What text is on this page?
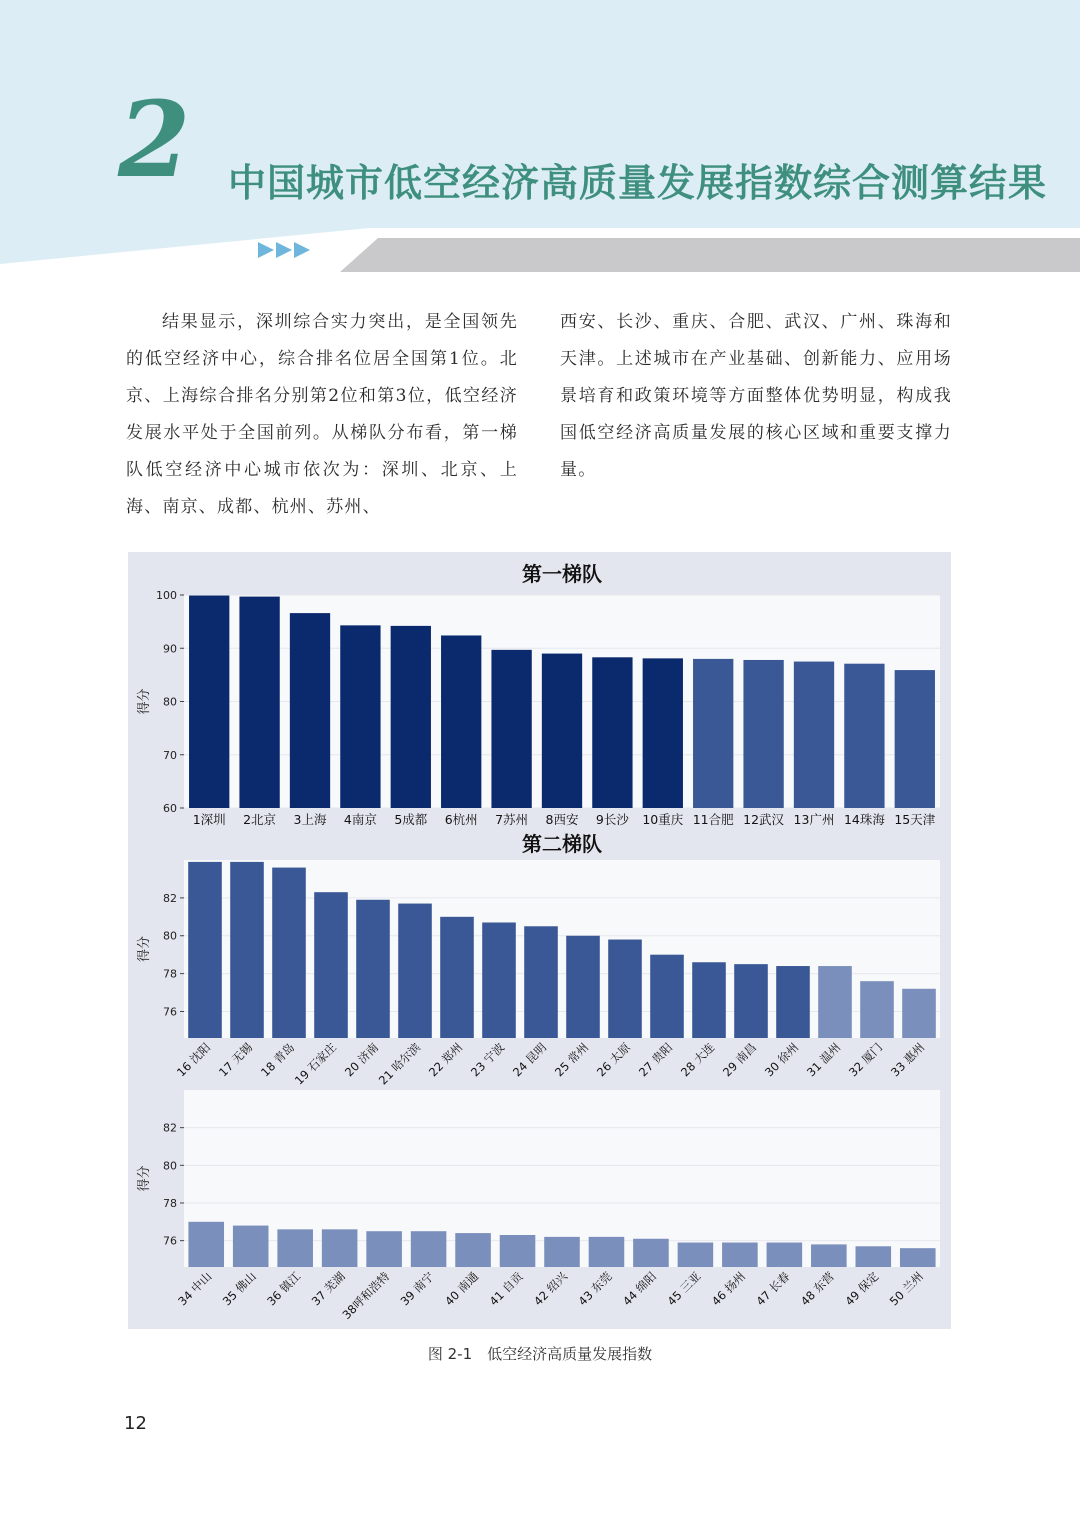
2 中国城市低空经济高质量发展指数综合测算结果
结果显示，深圳综合实力突出，是全国领先的低空经济中心，综合排名位居全国第1位。北京、上海综合排名分别第2位和第3位，低空经济发展水平处于全国前列。从梯队分布看，第一梯队低空经济中心城市依次为：深圳、北京、上海、南京、成都、杭州、苏州、
西安、长沙、重庆、合肥、武汉、广州、珠海和天津。上述城市在产业基础、创新能力、应用场景培育和政策环境等方面整体优势明显，构成我国低空经济高质量发展的核心区域和重要支撑力量。
第一梯队
60
70
80
90
100
得分
1深圳 2北京 3上海 4南京 5成都 6杭州 7苏州 8西安 9长沙 10重庆 11合肥 12武汉 13广州 14珠海 15天津
第二梯队
76
78
80
82
得分
16 沈阳 17 无锡 18 青岛
19 石家庄 20 济南
21 哈尔滨 22 郑州 23 宁波 24 昆明 25 常州 26 太原 27 贵阳 28 大连 29 南昌 30 徐州 31 温州 32 厦门 33 惠州
76
78
80
82
得分
34 中山 35 佛山 36 镇江 37 芜湖
38呼和浩特 39 南宁 40 南通 41 自贡 42 绍兴 43 东莞 44 绵阳 45 三亚 46 扬州 47 长春 48 东营 49 保定 50 兰州
图 2-1　低空经济高质量发展指数
12
